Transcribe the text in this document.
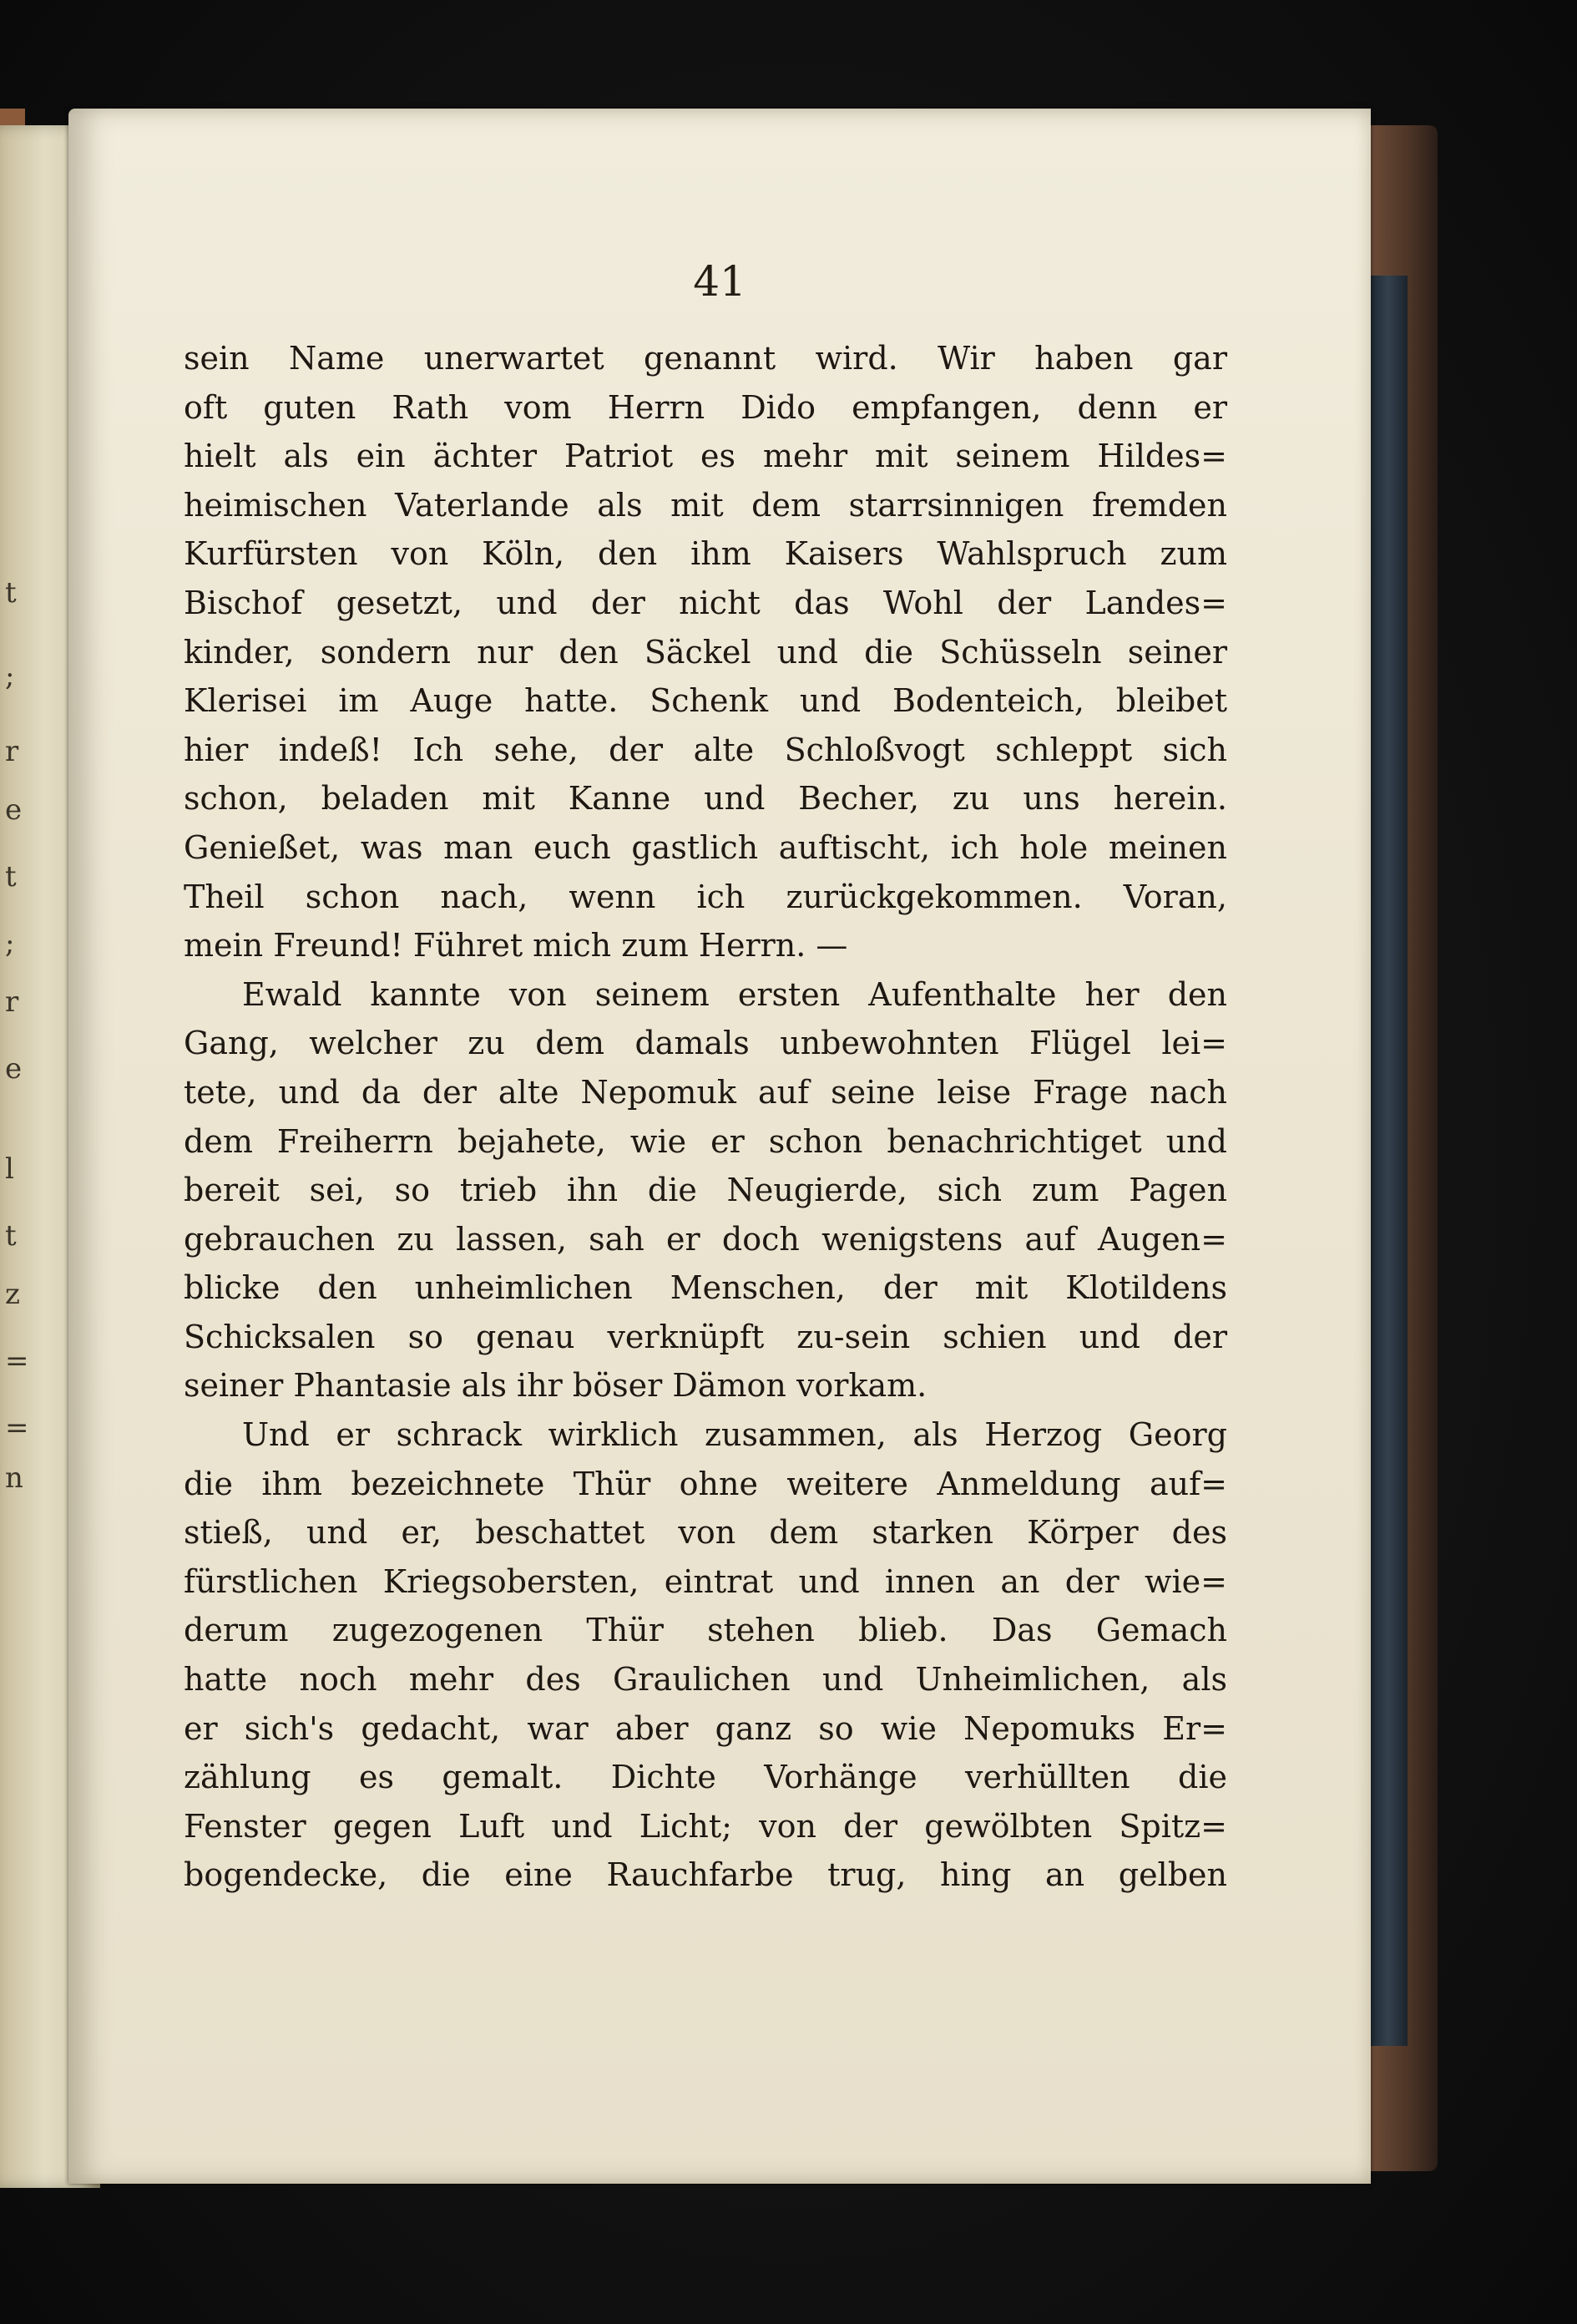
t
;
r
e
t
;
r
e
l
t
z
=
=
n
41
sein Name unerwartet genannt wird. Wir haben gar
oft guten Rath vom Herrn Dido empfangen, denn er
hielt als ein ächter Patriot es mehr mit seinem Hildes=
heimischen Vaterlande als mit dem starrsinnigen fremden
Kurfürsten von Köln, den ihm Kaisers Wahlspruch zum
Bischof gesetzt, und der nicht das Wohl der Landes=
kinder, sondern nur den Säckel und die Schüsseln seiner
Klerisei im Auge hatte. Schenk und Bodenteich, bleibet
hier indeß! Ich sehe, der alte Schloßvogt schleppt sich
schon, beladen mit Kanne und Becher, zu uns herein.
Genießet, was man euch gastlich auftischt, ich hole meinen
Theil schon nach, wenn ich zurückgekommen. Voran,
mein Freund! Führet mich zum Herrn. —
Ewald kannte von seinem ersten Aufenthalte her den
Gang, welcher zu dem damals unbewohnten Flügel lei=
tete, und da der alte Nepomuk auf seine leise Frage nach
dem Freiherrn bejahete, wie er schon benachrichtiget und
bereit sei, so trieb ihn die Neugierde, sich zum Pagen
gebrauchen zu lassen, sah er doch wenigstens auf Augen=
blicke den unheimlichen Menschen, der mit Klotildens
Schicksalen so genau verknüpft zu-sein schien und der
seiner Phantasie als ihr böser Dämon vorkam.
Und er schrack wirklich zusammen, als Herzog Georg
die ihm bezeichnete Thür ohne weitere Anmeldung auf=
stieß, und er, beschattet von dem starken Körper des
fürstlichen Kriegsobersten, eintrat und innen an der wie=
derum zugezogenen Thür stehen blieb. Das Gemach
hatte noch mehr des Graulichen und Unheimlichen, als
er sich's gedacht, war aber ganz so wie Nepomuks Er=
zählung es gemalt. Dichte Vorhänge verhüllten die
Fenster gegen Luft und Licht; von der gewölbten Spitz=
bogendecke, die eine Rauchfarbe trug, hing an gelben
